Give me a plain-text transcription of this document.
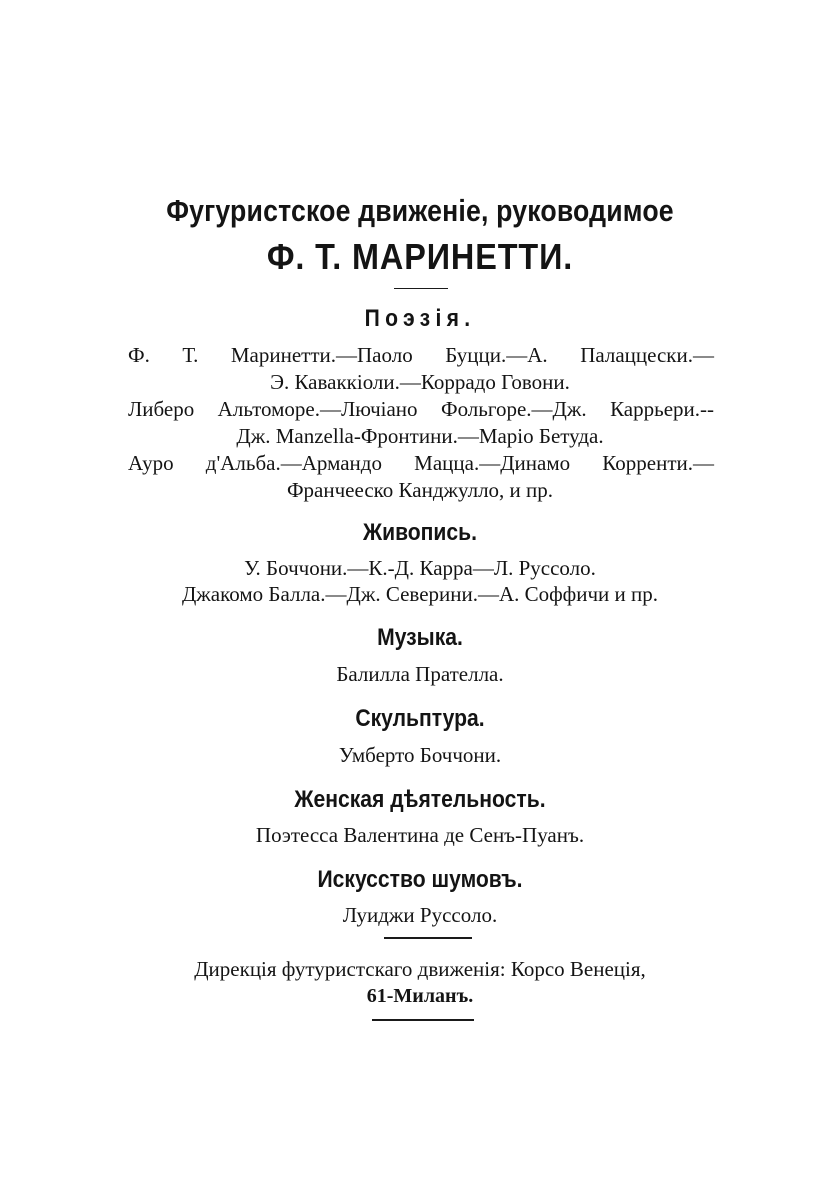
Фугуристское движеніе, руководимое
Ф. Т. МАРИНЕТТИ.
Поэзія.
Ф. Т. Маринетти.—Паоло Буцци.—А. Палаццески.—
Э. Каваккіоли.—Коррадо Говони.
Либеро Альтоморе.—Лючіано Фольгоре.—Дж. Каррьери.--
Дж. Manzella-Фронтини.—Маріо Бетуда.
Ауро д'Альба.—Армандо Мацца.—Динамо Корренти.—
Франчееско Канджулло, и пр.
Живопись.
У. Боччони.—К.-Д. Карра—Л. Руссоло.
Джакомо Балла.—Дж. Северини.—А. Соффичи и пр.
Музыка.
Балилла Прателла.
Скульптура.
Умберто Боччони.
Женская дѣятельность.
Поэтесса Валентина де Сенъ-Пуанъ.
Искусство шумовъ.
Луиджи Руссоло.
Дирекція футуристскаго движенія: Корсо Венеція,
61-Миланъ.
